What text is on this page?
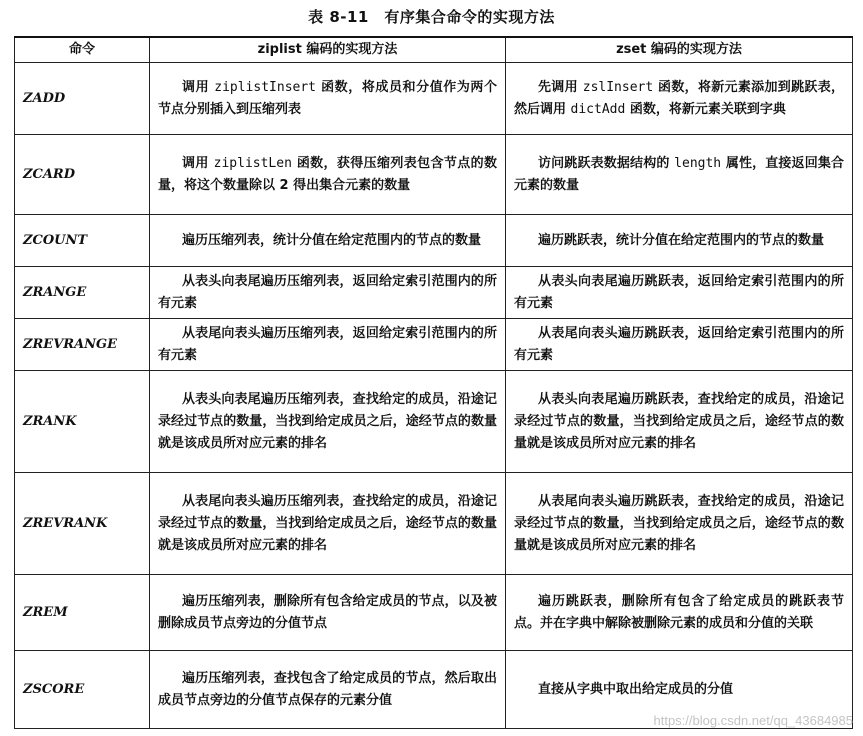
表 8-11　有序集合命令的实现方法
命令	ziplist 编码的实现方法	zset 编码的实现方法
ZADD	调用 ziplistInsert 函数，将成员和分值作为两个节点分别插入到压缩列表	先调用 zslInsert 函数，将新元素添加到跳跃表，然后调用 dictAdd 函数，将新元素关联到字典
ZCARD	调用 ziplistLen 函数，获得压缩列表包含节点的数量，将这个数量除以 2 得出集合元素的数量	访问跳跃表数据结构的 length 属性，直接返回集合元素的数量
ZCOUNT	遍历压缩列表，统计分值在给定范围内的节点的数量	遍历跳跃表，统计分值在给定范围内的节点的数量
ZRANGE	从表头向表尾遍历压缩列表，返回给定索引范围内的所有元素	从表头向表尾遍历跳跃表，返回给定索引范围内的所有元素
ZREVRANGE	从表尾向表头遍历压缩列表，返回给定索引范围内的所有元素	从表尾向表头遍历跳跃表，返回给定索引范围内的所有元素
ZRANK	从表头向表尾遍历压缩列表，查找给定的成员，沿途记录经过节点的数量，当找到给定成员之后，途经节点的数量就是该成员所对应元素的排名	从表头向表尾遍历跳跃表，查找给定的成员，沿途记录经过节点的数量，当找到给定成员之后，途经节点的数量就是该成员所对应元素的排名
ZREVRANK	从表尾向表头遍历压缩列表，查找给定的成员，沿途记录经过节点的数量，当找到给定成员之后，途经节点的数量就是该成员所对应元素的排名	从表尾向表头遍历跳跃表，查找给定的成员，沿途记录经过节点的数量，当找到给定成员之后，途经节点的数量就是该成员所对应元素的排名
ZREM	遍历压缩列表，删除所有包含给定成员的节点，以及被删除成员节点旁边的分值节点	遍历跳跃表，删除所有包含了给定成员的跳跃表节点。并在字典中解除被删除元素的成员和分值的关联
ZSCORE	遍历压缩列表，查找包含了给定成员的节点，然后取出成员节点旁边的分值节点保存的元素分值	直接从字典中取出给定成员的分值
https://blog.csdn.net/qq_43684985
